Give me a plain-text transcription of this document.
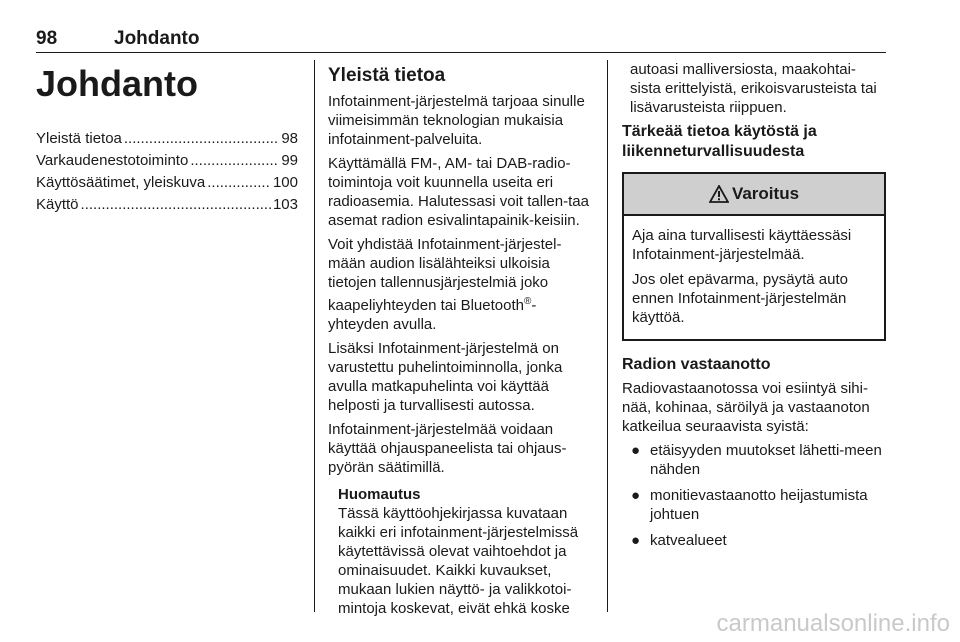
98	Johdanto
Johdanto
Yleistä tietoa .....	98
Varkaudenestotoiminto .....	99
Käyttösäätimet, yleiskuva .....	100
Käyttö .....	103
Yleistä tietoa

Infotainment-järjestelmä tarjoaa sinulle viimeisimmän teknologian mukaisia infotainment-palveluita.

Käyttämällä FM-, AM- tai DAB-radio-toimintoja voit kuunnella useita eri radioasemia. Halutessasi voit tallen-taa asemat radion esivalintapainik-keisiin.

Voit yhdistää Infotainment-järjestel-mään audion lisälähteiksi ulkoisia tietojen tallennusjärjestelmiä joko kaapeliyhteyden tai Bluetooth®-yhteyden avulla.

Lisäksi Infotainment-järjestelmä on varustettu puhelintoiminnolla, jonka avulla matkapuhelinta voi käyttää helposti ja turvallisesti autossa.

Infotainment-järjestelmää voidaan käyttää ohjauspaneelista tai ohjaus-pyörän säätimillä.

Huomautus
Tässä käyttöohjekirjassa kuvataan kaikki eri infotainment-järjestelmissä käytettävissä olevat vaihtoehdot ja ominaisuudet. Kaikki kuvaukset, mukaan lukien näyttö- ja valikkotoi-mintoja koskevat, eivät ehkä koske

autoasi malliversiosta, maakohtai-sista erittelyistä, erikoisvarusteista tai lisävarusteista riippuen.

Tärkeää tietoa käytöstä ja liikenneturvallisuudesta
Varoitus

Aja aina turvallisesti käyttäessäsi Infotainment-järjestelmää.

Jos olet epävarma, pysäytä auto ennen Infotainment-järjestelmän käyttöä.

Radion vastaanotto

Radiovastaanotossa voi esiintyä sihi-nää, kohinaa, säröilyä ja vastaanoton katkeilua seuraavista syistä:

● etäisyyden muutokset lähetti-meen nähden
● monitievastaanotto heijastumista johtuen
● katvealueet
carmanualsonline.info
